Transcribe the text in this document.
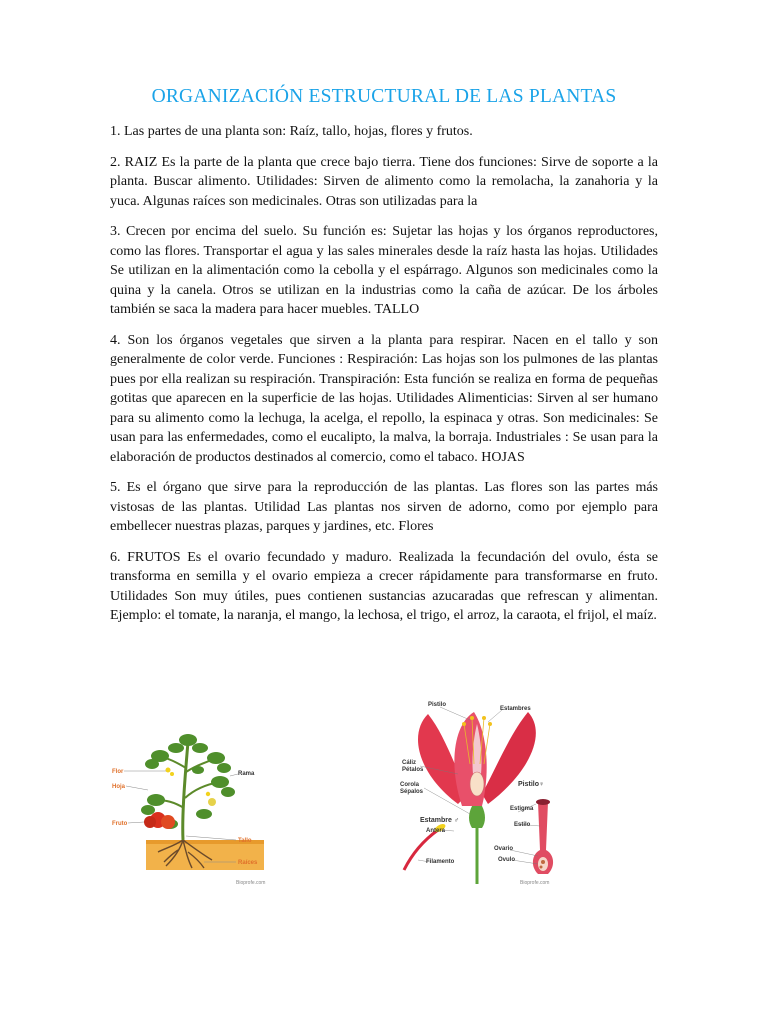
ORGANIZACIÓN ESTRUCTURAL DE LAS PLANTAS

1. Las partes de una planta son: Raíz, tallo, hojas, flores y frutos.

2. RAIZ Es la parte de la planta que crece bajo tierra. Tiene dos funciones: Sirve de soporte a la planta. Buscar alimento. Utilidades: Sirven de alimento como la remolacha, la zanahoria y la yuca. Algunas raíces son medicinales. Otras son utilizadas para la

3. Crecen por encima del suelo. Su función es: Sujetar las hojas y los órganos reproductores, como las flores. Transportar el agua y las sales minerales desde la raíz hasta las hojas. Utilidades Se utilizan en la alimentación como la cebolla y el espárrago. Algunos son medicinales como la quina y la canela. Otros se utilizan en la industrias como la caña de azúcar. De los árboles también se saca la madera para hacer muebles. TALLO

4. Son los órganos vegetales que sirven a la planta para respirar. Nacen en el tallo y son generalmente de color verde. Funciones : Respiración: Las hojas son los pulmones de las plantas pues por ella realizan su respiración. Transpiración: Esta función se realiza en forma de pequeñas gotitas que aparecen en la superficie de las hojas. Utilidades Alimenticias: Sirven al ser humano para su alimento como la lechuga, la acelga, el repollo, la espinaca y otras. Son medicinales: Se usan para las enfermedades, como el eucalipto, la malva, la borraja. Industriales : Se usan para la elaboración de productos destinados al comercio, como el tabaco. HOJAS

5. Es el órgano que sirve para la reproducción de las plantas. Las flores son las partes más vistosas de las plantas. Utilidad Las plantas nos sirven de adorno, como por ejemplo para embellecer nuestras plazas, parques y jardines, etc. Flores

6. FRUTOS Es el ovario fecundado y maduro. Realizada la fecundación del ovulo, ésta se transforma en semilla y el ovario empieza a crecer rápidamente para transformarse en fruto. Utilidades Son muy útiles, pues contienen sustancias azucaradas que refrescan y alimentan. Ejemplo: el tomate, la naranja, el mango, la lechosa, el trigo, el arroz, la caraota, el frijol, el maíz.

Flor
Hoja
Fruto
Rama
Tallo
Raíces
Bioprofe.com
Pistilo
Estambres
Cáliz
Pétalos
Corola
Sépalos
Pistilo♀
Estigma
Estambre ♂
Antera
Estilo
Ovario
Ovulo
Filamento
Bioprofe.com
